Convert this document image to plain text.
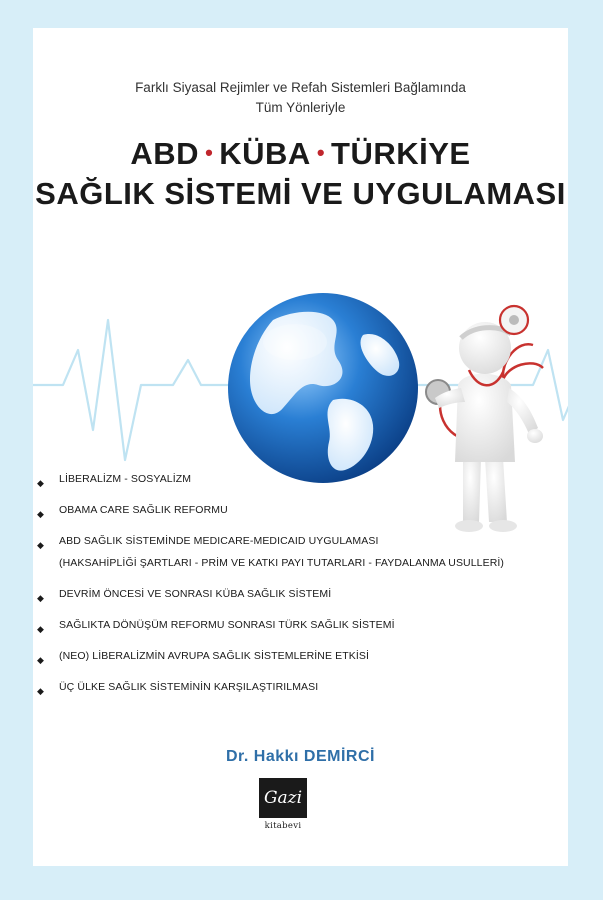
Farklı Siyasal Rejimler ve Refah Sistemleri Bağlamında
Tüm Yönleriyle
ABD • KÜBA • TÜRKİYE
SAĞLIK SİSTEMİ VE UYGULAMASI
◆ LİBERALİZM - SOSYALİZM
◆ OBAMA CARE SAĞLIK REFORMU
◆ ABD SAĞLIK SİSTEMİNDE MEDICARE-MEDICAID UYGULAMASI
(HAKSAHİPLİĞİ ŞARTLARI - PRİM VE KATKI PAYI TUTARLARI - FAYDALANMA USULLERİ)
◆ DEVRİM ÖNCESİ VE SONRASI KÜBA SAĞLIK SİSTEMİ
◆ SAĞLIKTA DÖNÜŞÜM REFORMU SONRASI TÜRK SAĞLIK SİSTEMİ
◆ (NEO) LİBERALİZMİN AVRUPA SAĞLIK SİSTEMLERİNE ETKİSİ
◆ ÜÇ ÜLKE SAĞLIK SİSTEMİNİN KARŞILAŞTIRILMASI
Dr. Hakkı DEMİRCİ
Gazi
kitabevi
